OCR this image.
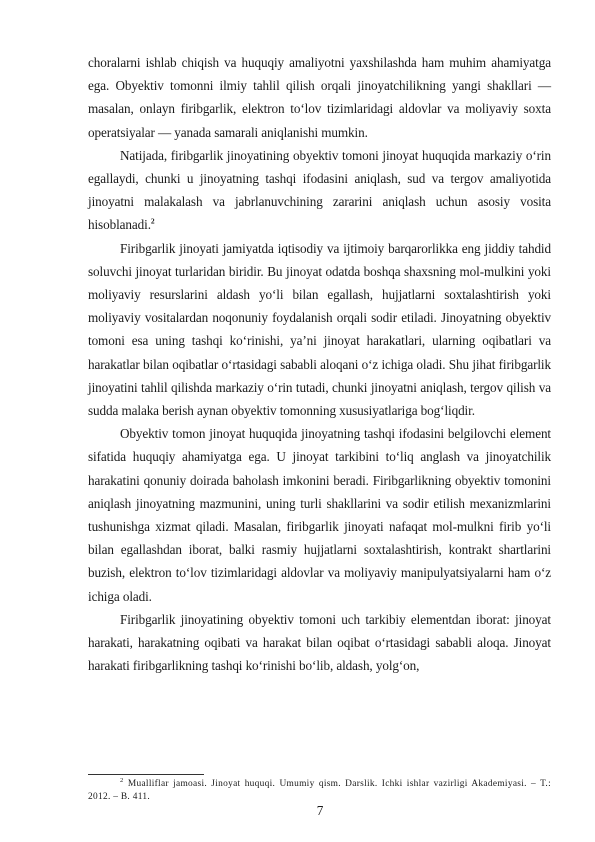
choralarni ishlab chiqish va huquqiy amaliyotni yaxshilashda ham muhim ahamiyatga ega. Obyektiv tomonni ilmiy tahlil qilish orqali jinoyatchilikning yangi shakllari — masalan, onlayn firibgarlik, elektron to‘lov tizimlaridagi aldovlar va moliyaviy soxta operatsiyalar — yanada samarali aniqlanishi mumkin.

Natijada, firibgarlik jinoyatining obyektiv tomoni jinoyat huquqida markaziy o‘rin egallaydi, chunki u jinoyatning tashqi ifodasini aniqlash, sud va tergov amaliyotida jinoyatni malakalash va jabrlanuvchining zararini aniqlash uchun asosiy vosita hisoblanadi.$^2$

Firibgarlik jinoyati jamiyatda iqtisodiy va ijtimoiy barqarorlikka eng jiddiy tahdid soluvchi jinoyat turlaridan biridir. Bu jinoyat odatda boshqa shaxsning mol-mulkini yoki moliyaviy resurslarini aldash yo‘li bilan egallash, hujjatlarni soxtalashtirish yoki moliyaviy vositalardan noqonuniy foydalanish orqali sodir etiladi. Jinoyatning obyektiv tomoni esa uning tashqi ko‘rinishi, ya’ni jinoyat harakatlari, ularning oqibatlari va harakatlar bilan oqibatlar o‘rtasidagi sababli aloqani o‘z ichiga oladi. Shu jihat firibgarlik jinoyatini tahlil qilishda markaziy o‘rin tutadi, chunki jinoyatni aniqlash, tergov qilish va sudda malaka berish aynan obyektiv tomonning xususiyatlariga bog‘liqdir.

Obyektiv tomon jinoyat huquqida jinoyatning tashqi ifodasini belgilovchi element sifatida huquqiy ahamiyatga ega. U jinoyat tarkibini to‘liq anglash va jinoyatchilik harakatini qonuniy doirada baholash imkonini beradi. Firibgarlikning obyektiv tomonini aniqlash jinoyatning mazmunini, uning turli shakllarini va sodir etilish mexanizmlarini tushunishga xizmat qiladi. Masalan, firibgarlik jinoyati nafaqat mol-mulkni firib yo‘li bilan egallashdan iborat, balki rasmiy hujjatlarni soxtalashtirish, kontrakt shartlarini buzish, elektron to‘lov tizimlaridagi aldovlar va moliyaviy manipulyatsiyalarni ham o‘z ichiga oladi.

Firibgarlik jinoyatining obyektiv tomoni uch tarkibiy elementdan iborat: jinoyat harakati, harakatning oqibati va harakat bilan oqibat o‘rtasidagi sababli aloqa. Jinoyat harakati firibgarlikning tashqi ko‘rinishi bo‘lib, aldash, yolg‘on,

$^2$ Mualliflar jamoasi. Jinoyat huquqi. Umumiy qism. Darslik. Ichki ishlar vazirligi Akademiyasi. – T.: 2012. – B. 411.
7
